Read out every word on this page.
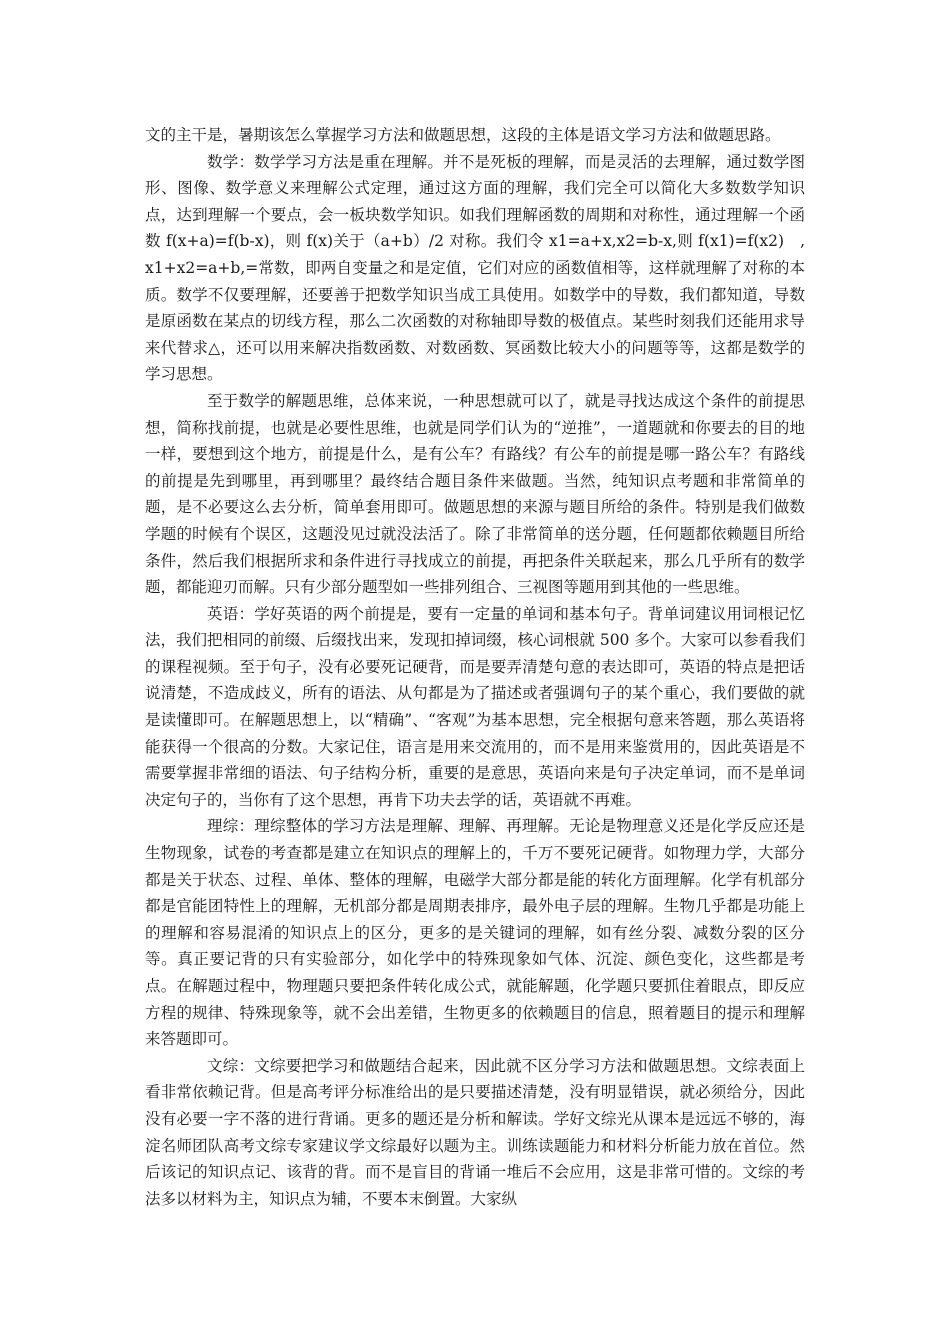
文的主干是，暑期该怎么掌握学习方法和做题思想，这段的主体是语文学习方法和做题思路。

数学：数学学习方法是重在理解。并不是死板的理解，而是灵活的去理解，通过数学图形、图像、数学意义来理解公式定理，通过这方面的理解，我们完全可以简化大多数数学知识点，达到理解一个要点，会一板块数学知识。如我们理解函数的周期和对称性，通过理解一个函数 f(x+a)=f(b-x)，则 f(x)关于（a+b）/2 对称。我们令 x1=a+x,x2=b-x,则 f(x1)=f(x2)　,x1+x2=a+b,=常数，即两自变量之和是定值，它们对应的函数值相等，这样就理解了对称的本质。数学不仅要理解，还要善于把数学知识当成工具使用。如数学中的导数，我们都知道，导数是原函数在某点的切线方程，那么二次函数的对称轴即导数的极值点。某些时刻我们还能用求导来代替求△，还可以用来解决指数函数、对数函数、冥函数比较大小的问题等等，这都是数学的学习思想。

至于数学的解题思维，总体来说，一种思想就可以了，就是寻找达成这个条件的前提思想，简称找前提，也就是必要性思维，也就是同学们认为的“逆推”，一道题就和你要去的目的地一样，要想到这个地方，前提是什么，是有公车？有路线？有公车的前提是哪一路公车？有路线的前提是先到哪里，再到哪里？最终结合题目条件来做题。当然，纯知识点考题和非常简单的题，是不必要这么去分析，简单套用即可。做题思想的来源与题目所给的条件。特别是我们做数学题的时候有个误区，这题没见过就没法活了。除了非常简单的送分题，任何题都依赖题目所给条件，然后我们根据所求和条件进行寻找成立的前提，再把条件关联起来，那么几乎所有的数学题，都能迎刃而解。只有少部分题型如一些排列组合、三视图等题用到其他的一些思维。

英语：学好英语的两个前提是，要有一定量的单词和基本句子。背单词建议用词根记忆法，我们把相同的前缀、后缀找出来，发现扣掉词缀，核心词根就 500 多个。大家可以参看我们的课程视频。至于句子，没有必要死记硬背，而是要弄清楚句意的表达即可，英语的特点是把话说清楚，不造成歧义，所有的语法、从句都是为了描述或者强调句子的某个重心，我们要做的就是读懂即可。在解题思想上，以“精确”、“客观”为基本思想，完全根据句意来答题，那么英语将能获得一个很高的分数。大家记住，语言是用来交流用的，而不是用来鉴赏用的，因此英语是不需要掌握非常细的语法、句子结构分析，重要的是意思，英语向来是句子决定单词，而不是单词决定句子的，当你有了这个思想，再肯下功夫去学的话，英语就不再难。

理综：理综整体的学习方法是理解、理解、再理解。无论是物理意义还是化学反应还是生物现象，试卷的考查都是建立在知识点的理解上的，千万不要死记硬背。如物理力学，大部分都是关于状态、过程、单体、整体的理解，电磁学大部分都是能的转化方面理解。化学有机部分都是官能团特性上的理解，无机部分都是周期表排序，最外电子层的理解。生物几乎都是功能上的理解和容易混淆的知识点上的区分，更多的是关键词的理解，如有丝分裂、减数分裂的区分等。真正要记背的只有实验部分，如化学中的特殊现象如气体、沉淀、颜色变化，这些都是考点。在解题过程中，物理题只要把条件转化成公式，就能解题，化学题只要抓住着眼点，即反应方程的规律、特殊现象等，就不会出差错，生物更多的依赖题目的信息，照着题目的提示和理解来答题即可。

文综：文综要把学习和做题结合起来，因此就不区分学习方法和做题思想。文综表面上看非常依赖记背。但是高考评分标准给出的是只要描述清楚，没有明显错误，就必须给分，因此没有必要一字不落的进行背诵。更多的题还是分析和解读。学好文综光从课本是远远不够的，海淀名师团队高考文综专家建议学文综最好以题为主。训练读题能力和材料分析能力放在首位。然后该记的知识点记、该背的背。而不是盲目的背诵一堆后不会应用，这是非常可惜的。文综的考法多以材料为主，知识点为辅，不要本末倒置。大家纵
